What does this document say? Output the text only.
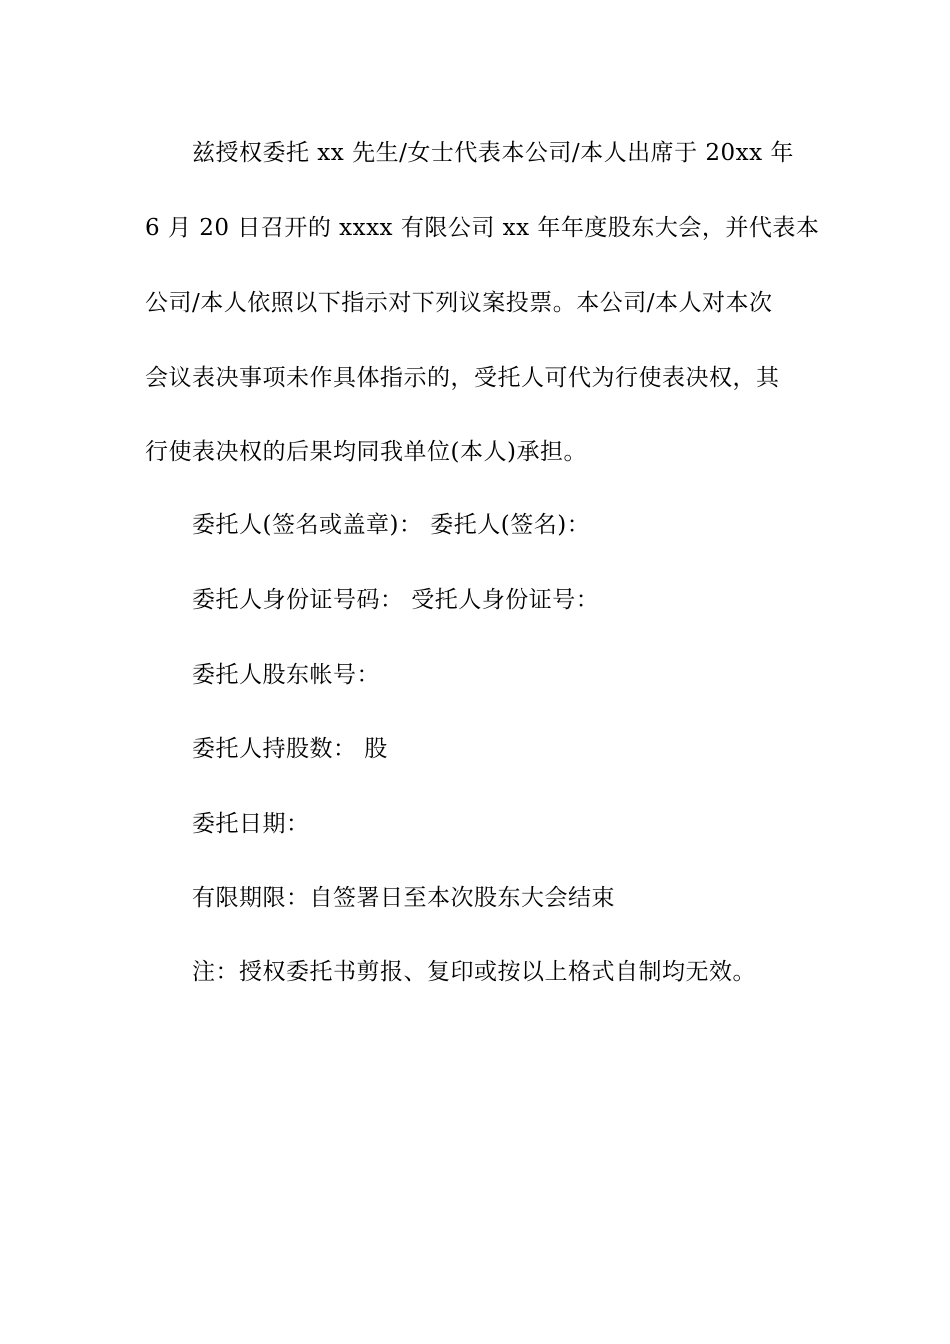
兹授权委托 xx 先生/女士代表本公司/本人出席于 20xx 年
6 月 20 日召开的 xxxx 有限公司 xx 年年度股东大会，并代表本
公司/本人依照以下指示对下列议案投票。本公司/本人对本次
会议表决事项未作具体指示的，受托人可代为行使表决权，其
行使表决权的后果均同我单位(本人)承担。
委托人(签名或盖章)： 委托人(签名)：
委托人身份证号码： 受托人身份证号：
委托人股东帐号：
委托人持股数： 股
委托日期：
有限期限：自签署日至本次股东大会结束
注：授权委托书剪报、复印或按以上格式自制均无效。
